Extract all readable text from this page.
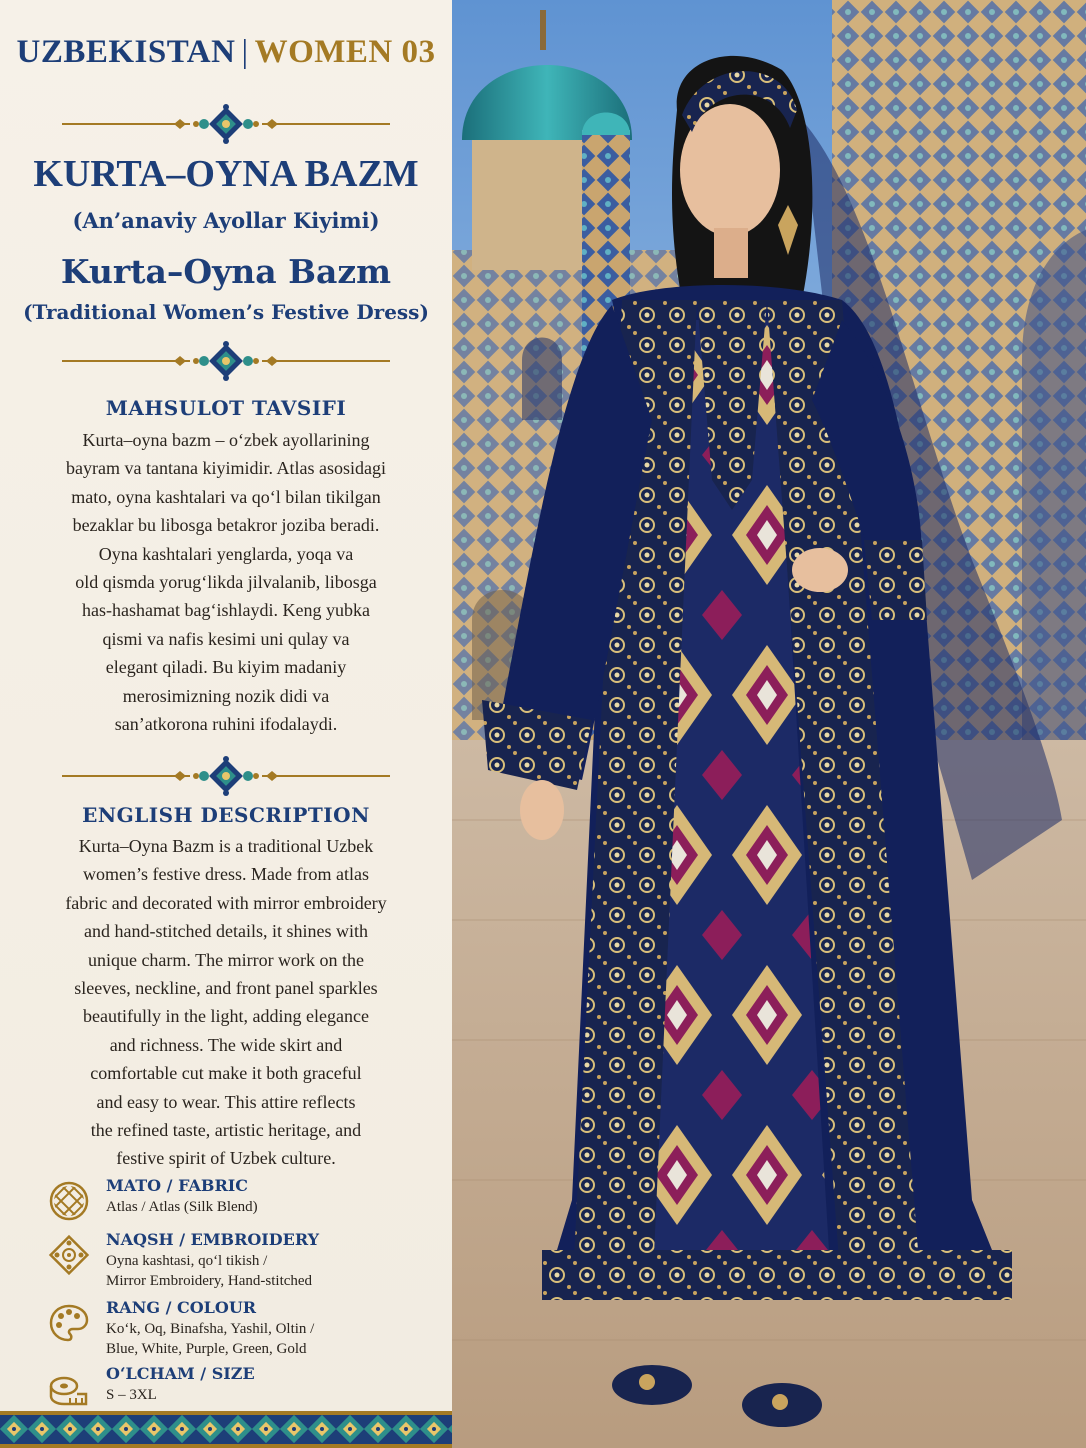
UZBEKISTAN | WOMEN 03
KURTA–OYNA BAZM
(An’anaviy Ayollar Kiyimi)
Kurta–Oyna Bazm
(Traditional Women’s Festive Dress)
MAHSULOT TAVSIFI
Kurta–oyna bazm – o‘zbek ayollarining
bayram va tantana kiyimidir. Atlas asosidagi
mato, oyna kashtalari va qo‘l bilan tikilgan
bezaklar bu libosga betakror joziba beradi.
Oyna kashtalari yenglarda, yoqa va
old qismda yorug‘likda jilvalanib, libosga
has-hashamat bag‘ishlaydi. Keng yubka
qismi va nafis kesimi uni qulay va
elegant qiladi. Bu kiyim madaniy
merosimizning nozik didi va
san’atkorona ruhini ifodalaydi.
ENGLISH DESCRIPTION
Kurta–Oyna Bazm is a traditional Uzbek
women’s festive dress. Made from atlas
fabric and decorated with mirror embroidery
and hand-stitched details, it shines with
unique charm. The mirror work on the
sleeves, neckline, and front panel sparkles
beautifully in the light, adding elegance
and richness. The wide skirt and
comfortable cut make it both graceful
and easy to wear. This attire reflects
the refined taste, artistic heritage, and
festive spirit of Uzbek culture.
MATO / FABRIC
Atlas / Atlas (Silk Blend)
NAQSH / EMBROIDERY
Oyna kashtasi, qo‘l tikish /
Mirror Embroidery, Hand-stitched
RANG / COLOUR
Ko‘k, Oq, Binafsha, Yashil, Oltin /
Blue, White, Purple, Green, Gold
O‘LCHAM / SIZE
S – 3XL
